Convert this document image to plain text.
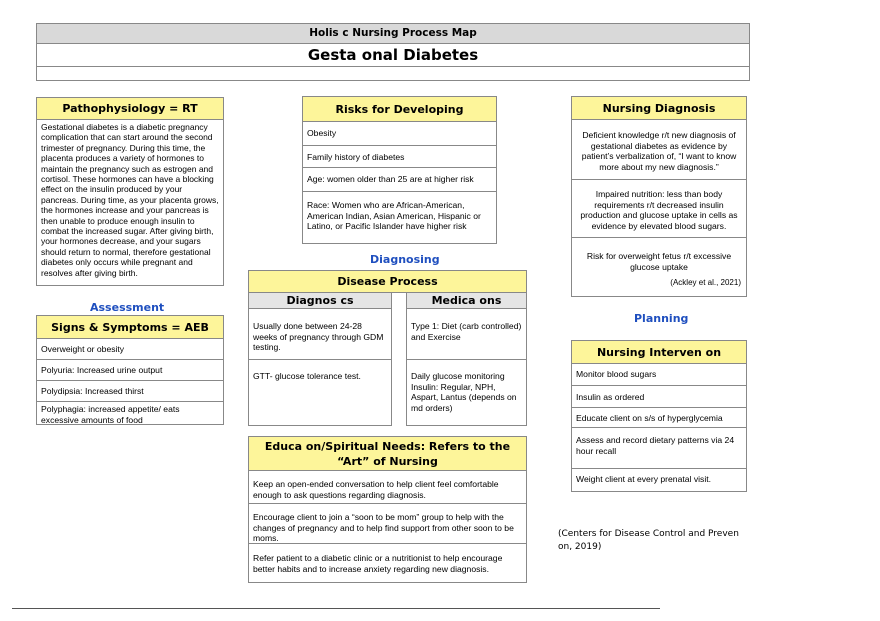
Holis c Nursing Process Map
Gesta onal Diabetes
Pathophysiology = RT
Gestational diabetes is a diabetic pregnancy complication that can start around the second trimester of pregnancy. During this time, the placenta produces a variety of hormones to maintain the pregnancy such as estrogen and cortisol. These hormones can have a blocking effect on the insulin produced by your pancreas. During time, as your placenta grows, the hormones increase and your pancreas is then unable to produce enough insulin to combat the increased sugar. After giving birth, your hormones decrease, and your sugars should return to normal, therefore gestational diabetes only occurs while pregnant and resolves after giving birth.
Assessment
Signs & Symptoms = AEB
Overweight or obesity
Polyuria: Increased urine output
Polydipsia: Increased thirst
Polyphagia: increased appetite/ eats excessive amounts of food
Risks for Developing
Obesity
Family history of diabetes
Age: women older than 25 are at higher risk
Race: Women who are African-American, American Indian, Asian American, Hispanic or Latino, or Pacific Islander have higher risk
Diagnosing
Disease Process
Diagnos cs
Usually done between 24-28 weeks of pregnancy through GDM testing.
GTT- glucose tolerance test.
Medica ons
Type 1: Diet (carb controlled) and Exercise
Daily glucose monitoring Insulin: Regular, NPH, Aspart, Lantus (depends on md orders)
Educa on/Spiritual Needs: Refers to the “Art” of Nursing
Keep an open-ended conversation to help client feel comfortable enough to ask questions regarding diagnosis.
Encourage client to join a “soon to be mom” group to help with the changes of pregnancy and to help find support from other soon to be moms.
Refer patient to a diabetic clinic or a nutritionist to help encourage better habits and to increase anxiety regarding new diagnosis.
Nursing Diagnosis
Deficient knowledge r/t new diagnosis of gestational diabetes as evidence by patient’s verbalization of, “I want to know more about my new diagnosis.”
Impaired nutrition: less than body requirements r/t decreased insulin production and glucose uptake in cells as evidence by elevated blood sugars.
Risk for overweight fetus r/t excessive glucose uptake
(Ackley et al., 2021)
Planning
Nursing Interven on
Monitor blood sugars
Insulin as ordered
Educate client on s/s of hyperglycemia
Assess and record dietary patterns via 24 hour recall
Weight client at every prenatal visit.
(Centers for Disease Control and Preven on, 2019)
